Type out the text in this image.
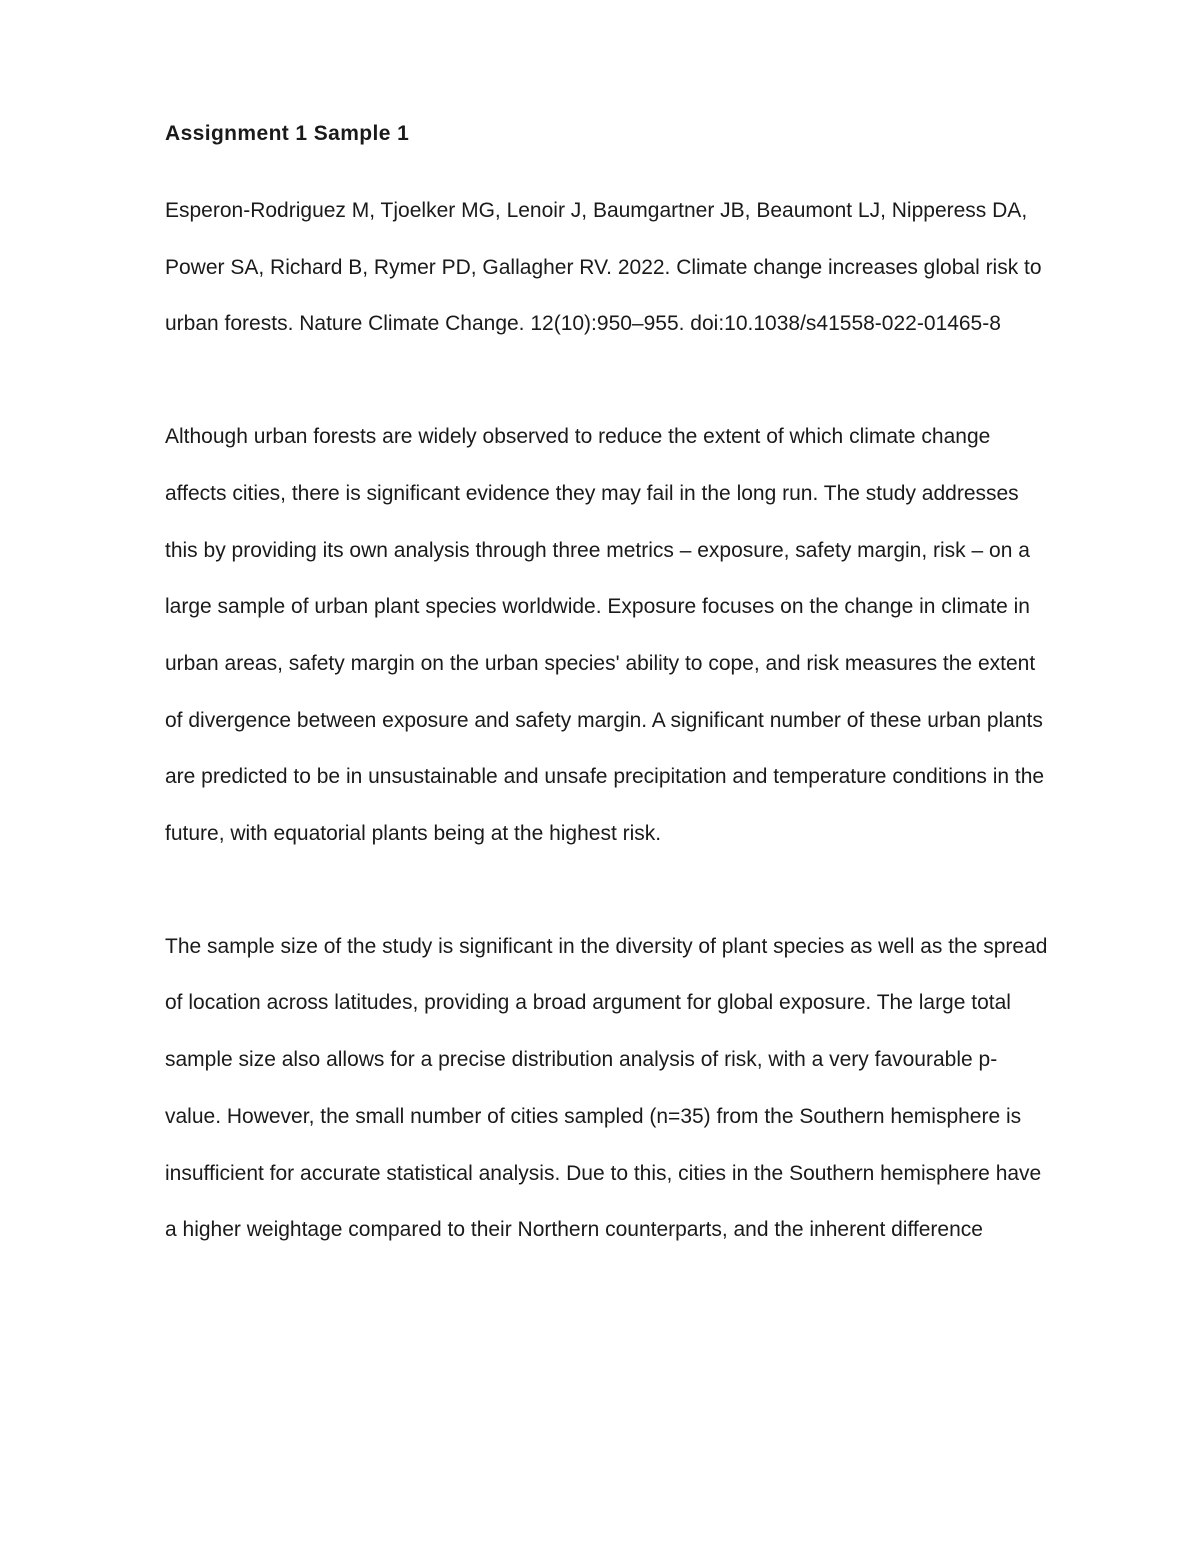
Assignment 1 Sample 1

Esperon-Rodriguez M, Tjoelker MG, Lenoir J, Baumgartner JB, Beaumont LJ, Nipperess DA, Power SA, Richard B, Rymer PD, Gallagher RV. 2022. Climate change increases global risk to urban forests. Nature Climate Change. 12(10):950–955. doi:10.1038/s41558-022-01465-8

Although urban forests are widely observed to reduce the extent of which climate change affects cities, there is significant evidence they may fail in the long run. The study addresses this by providing its own analysis through three metrics – exposure, safety margin, risk – on a large sample of urban plant species worldwide. Exposure focuses on the change in climate in urban areas, safety margin on the urban species' ability to cope, and risk measures the extent of divergence between exposure and safety margin. A significant number of these urban plants are predicted to be in unsustainable and unsafe precipitation and temperature conditions in the future, with equatorial plants being at the highest risk.

The sample size of the study is significant in the diversity of plant species as well as the spread of location across latitudes, providing a broad argument for global exposure. The large total sample size also allows for a precise distribution analysis of risk, with a very favourable p-value. However, the small number of cities sampled (n=35) from the Southern hemisphere is insufficient for accurate statistical analysis. Due to this, cities in the Southern hemisphere have a higher weightage compared to their Northern counterparts, and the inherent difference
